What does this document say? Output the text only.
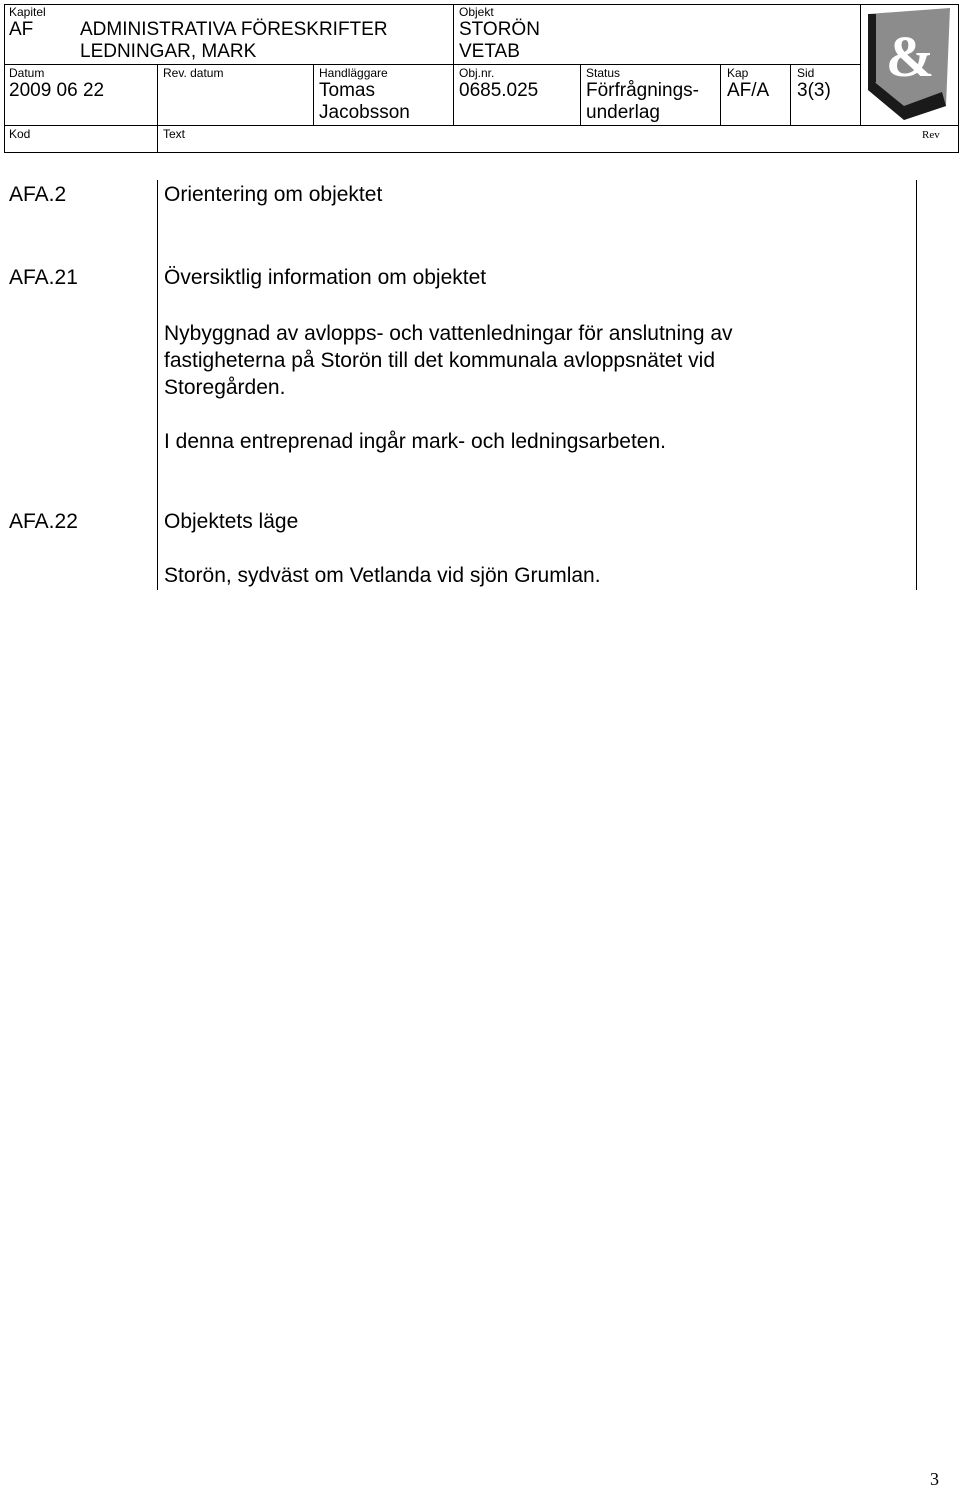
Kapitel
AF ADMINISTRATIVA FÖRESKRIFTER
LEDNINGAR, MARK
Objekt
STORÖN
VETAB
Datum
2009 06 22
Rev. datum	Handläggare
Tomas
Jacobsson
Obj.nr.
0685.025
Status
Förfrågnings-
underlag
Kap
AF/A
Sid
3(3)
Kod	Text	Rev
&
AFA.2	Orientering om objektet
AFA.21	Översiktlig information om objektet
Nybyggnad av avlopps- och vattenledningar för anslutning av
fastigheterna på Storön till det kommunala avloppsnätet vid
Storegården.
I denna entreprenad ingår mark- och ledningsarbeten.
AFA.22	Objektets läge
Storön, sydväst om Vetlanda vid sjön Grumlan.
3
